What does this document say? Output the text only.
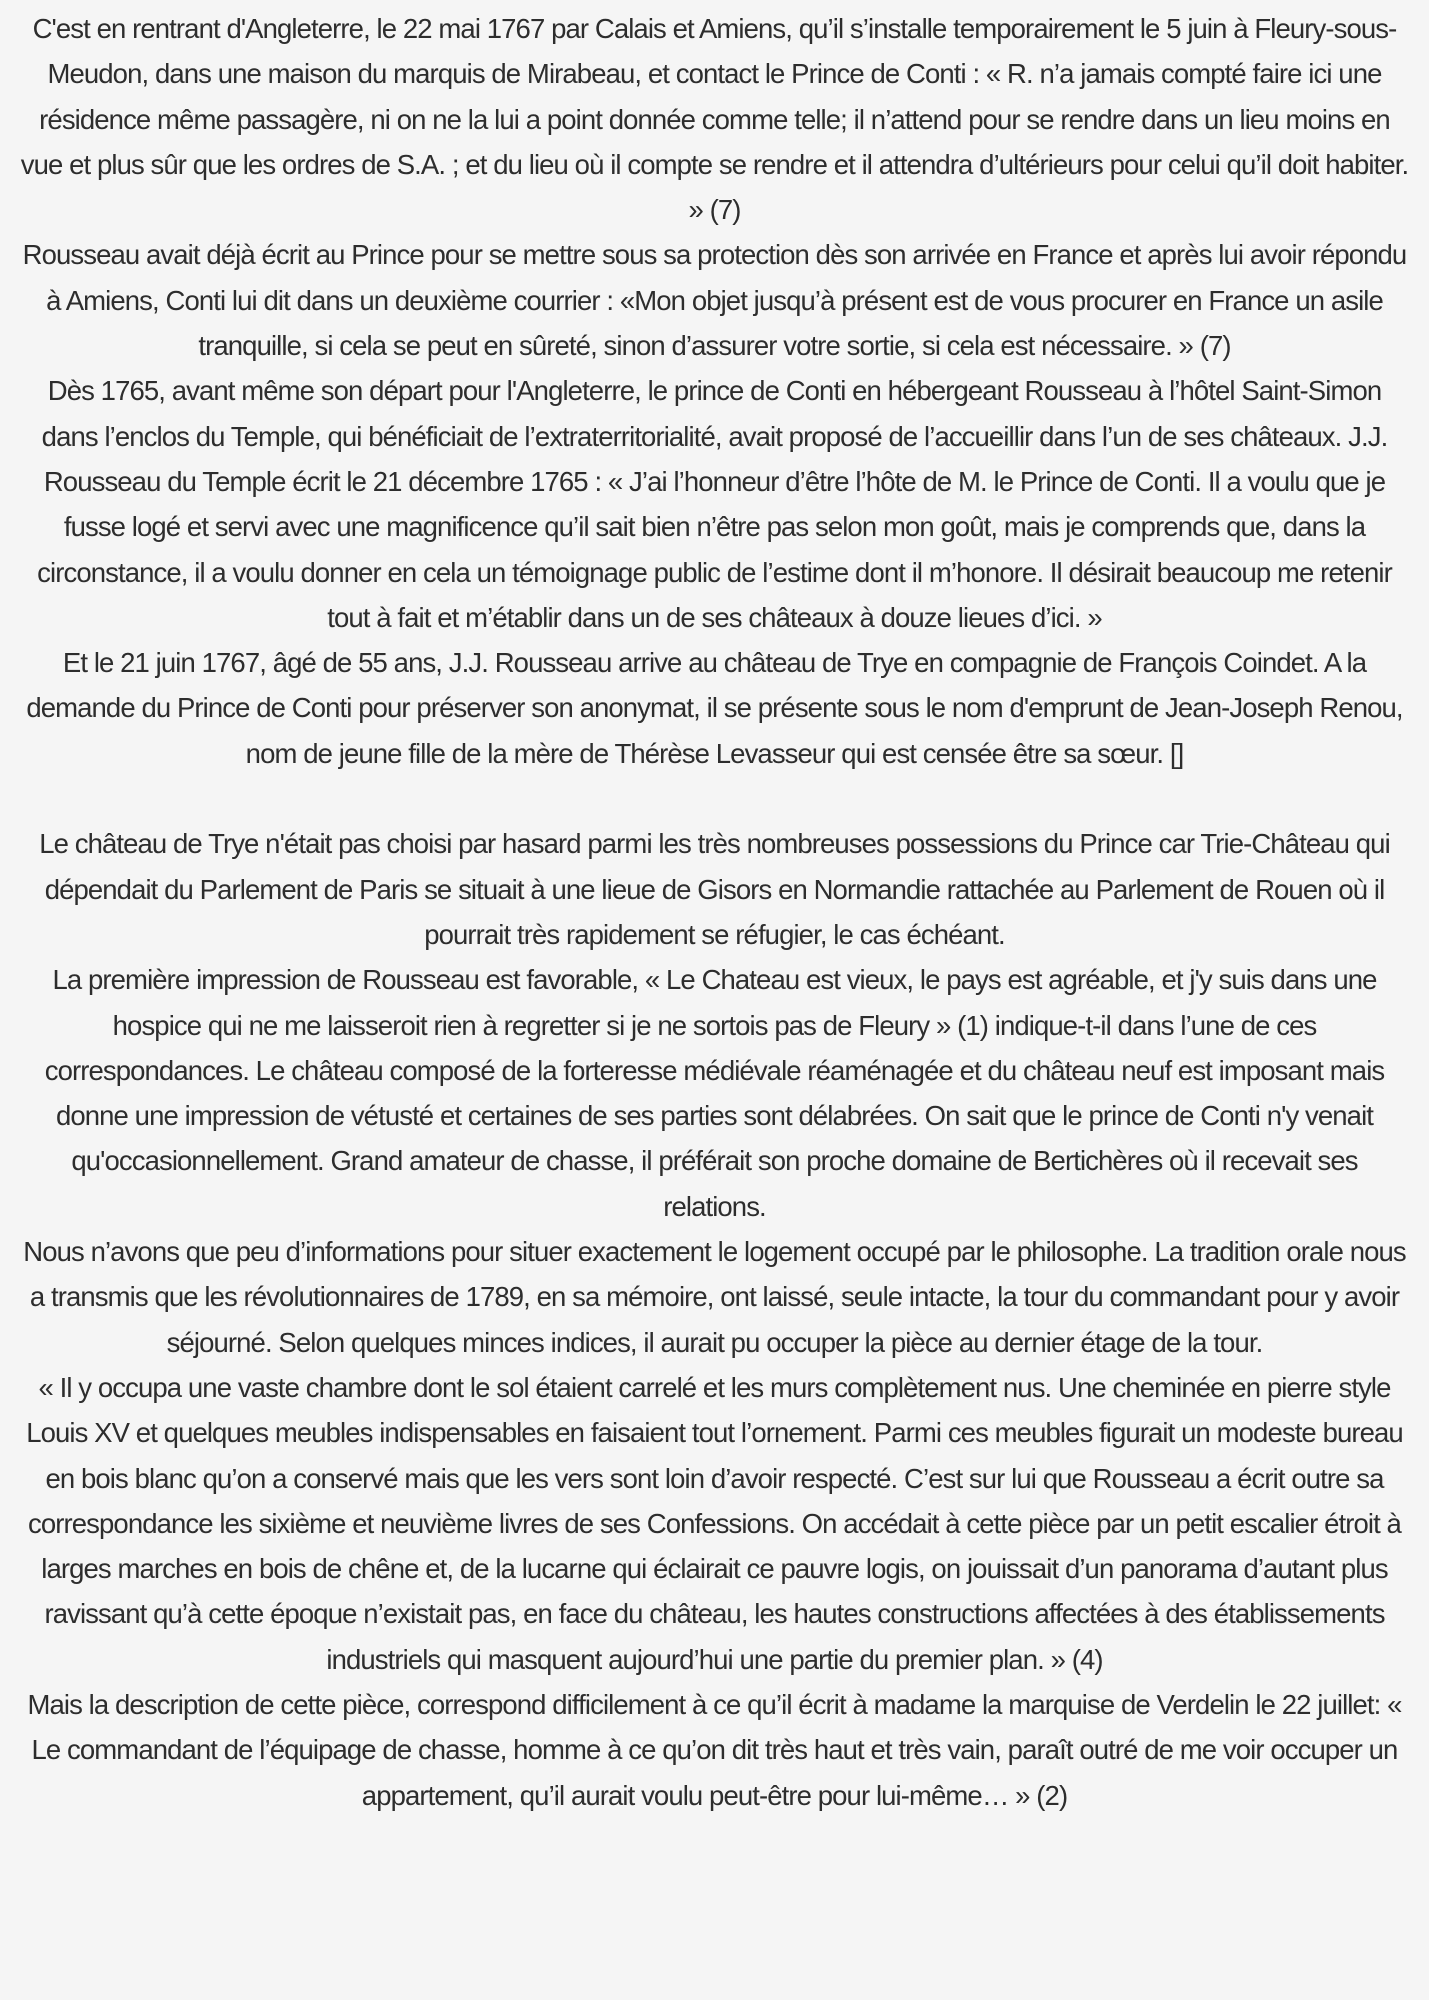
C'est en rentrant d'Angleterre, le 22 mai 1767 par Calais et Amiens, qu’il s’installe temporairement le 5 juin à Fleury-sous-Meudon, dans une maison du marquis de Mirabeau, et contact le Prince de Conti : « R. n’a jamais compté faire ici une résidence même passagère, ni on ne la lui a point donnée comme telle; il n’attend pour se rendre dans un lieu moins en vue et plus sûr que les ordres de S.A. ; et du lieu où il compte se rendre et il attendra d’ultérieurs pour celui qu’il doit habiter. » (7)

Rousseau avait déjà écrit au Prince pour se mettre sous sa protection dès son arrivée en France et après lui avoir répondu à Amiens, Conti lui dit dans un deuxième courrier : «Mon objet jusqu’à présent est de vous procurer en France un asile tranquille, si cela se peut en sûreté, sinon d’assurer votre sortie, si cela est nécessaire. » (7)

Dès 1765, avant même son départ pour l'Angleterre, le prince de Conti en hébergeant Rousseau à l’hôtel Saint-Simon dans l’enclos du Temple, qui bénéficiait de l’extraterritorialité, avait proposé de l’accueillir dans l’un de ses châteaux. J.J. Rousseau du Temple écrit le 21 décembre 1765 : « J’ai l’honneur d’être l’hôte de M. le Prince de Conti. Il a voulu que je fusse logé et servi avec une magnificence qu’il sait bien n’être pas selon mon goût, mais je comprends que, dans la circonstance, il a voulu donner en cela un témoignage public de l’estime dont il m’honore. Il désirait beaucoup me retenir tout à fait et m’établir dans un de ses châteaux à douze lieues d’ici. »

Et le 21 juin 1767, âgé de 55 ans, J.J. Rousseau arrive au château de Trye en compagnie de François Coindet. A la demande du Prince de Conti pour préserver son anonymat, il se présente sous le nom d'emprunt de Jean-Joseph Renou, nom de jeune fille de la mère de Thérèse Levasseur qui est censée être sa sœur. []

Le château de Trye n'était pas choisi par hasard parmi les très nombreuses possessions du Prince car Trie-Château qui dépendait du Parlement de Paris se situait à une lieue de Gisors en Normandie rattachée au Parlement de Rouen où il pourrait très rapidement se réfugier, le cas échéant.

La première impression de Rousseau est favorable, « Le Chateau est vieux, le pays est agréable, et j'y suis dans une hospice qui ne me laisseroit rien à regretter si je ne sortois pas de Fleury » (1) indique-t-il dans l’une de ces correspondances. Le château composé de la forteresse médiévale réaménagée et du château neuf est imposant mais donne une impression de vétusté et certaines de ses parties sont délabrées. On sait que le prince de Conti n'y venait qu'occasionnellement. Grand amateur de chasse, il préférait son proche domaine de Bertichères où il recevait ses relations.

Nous n’avons que peu d’informations pour situer exactement le logement occupé par le philosophe. La tradition orale nous a transmis que les révolutionnaires de 1789, en sa mémoire, ont laissé, seule intacte, la tour du commandant pour y avoir séjourné. Selon quelques minces indices, il aurait pu occuper la pièce au dernier étage de la tour.

« Il y occupa une vaste chambre dont le sol étaient carrelé et les murs complètement nus. Une cheminée en pierre style Louis XV et quelques meubles indispensables en faisaient tout l’ornement. Parmi ces meubles figurait un modeste bureau en bois blanc qu’on a conservé mais que les vers sont loin d’avoir respecté. C’est sur lui que Rousseau a écrit outre sa correspondance les sixième et neuvième livres de ses Confessions. On accédait à cette pièce par un petit escalier étroit à larges marches en bois de chêne et, de la lucarne qui éclairait ce pauvre logis, on jouissait d’un panorama d’autant plus ravissant qu’à cette époque n’existait pas, en face du château, les hautes constructions affectées à des établissements industriels qui masquent aujourd’hui une partie du premier plan. » (4)

Mais la description de cette pièce, correspond difficilement à ce qu’il écrit à madame la marquise de Verdelin le 22 juillet: « Le commandant de l’équipage de chasse, homme à ce qu’on dit très haut et très vain, paraît outré de me voir occuper un appartement, qu’il aurait voulu peut-être pour lui-même… » (2)
